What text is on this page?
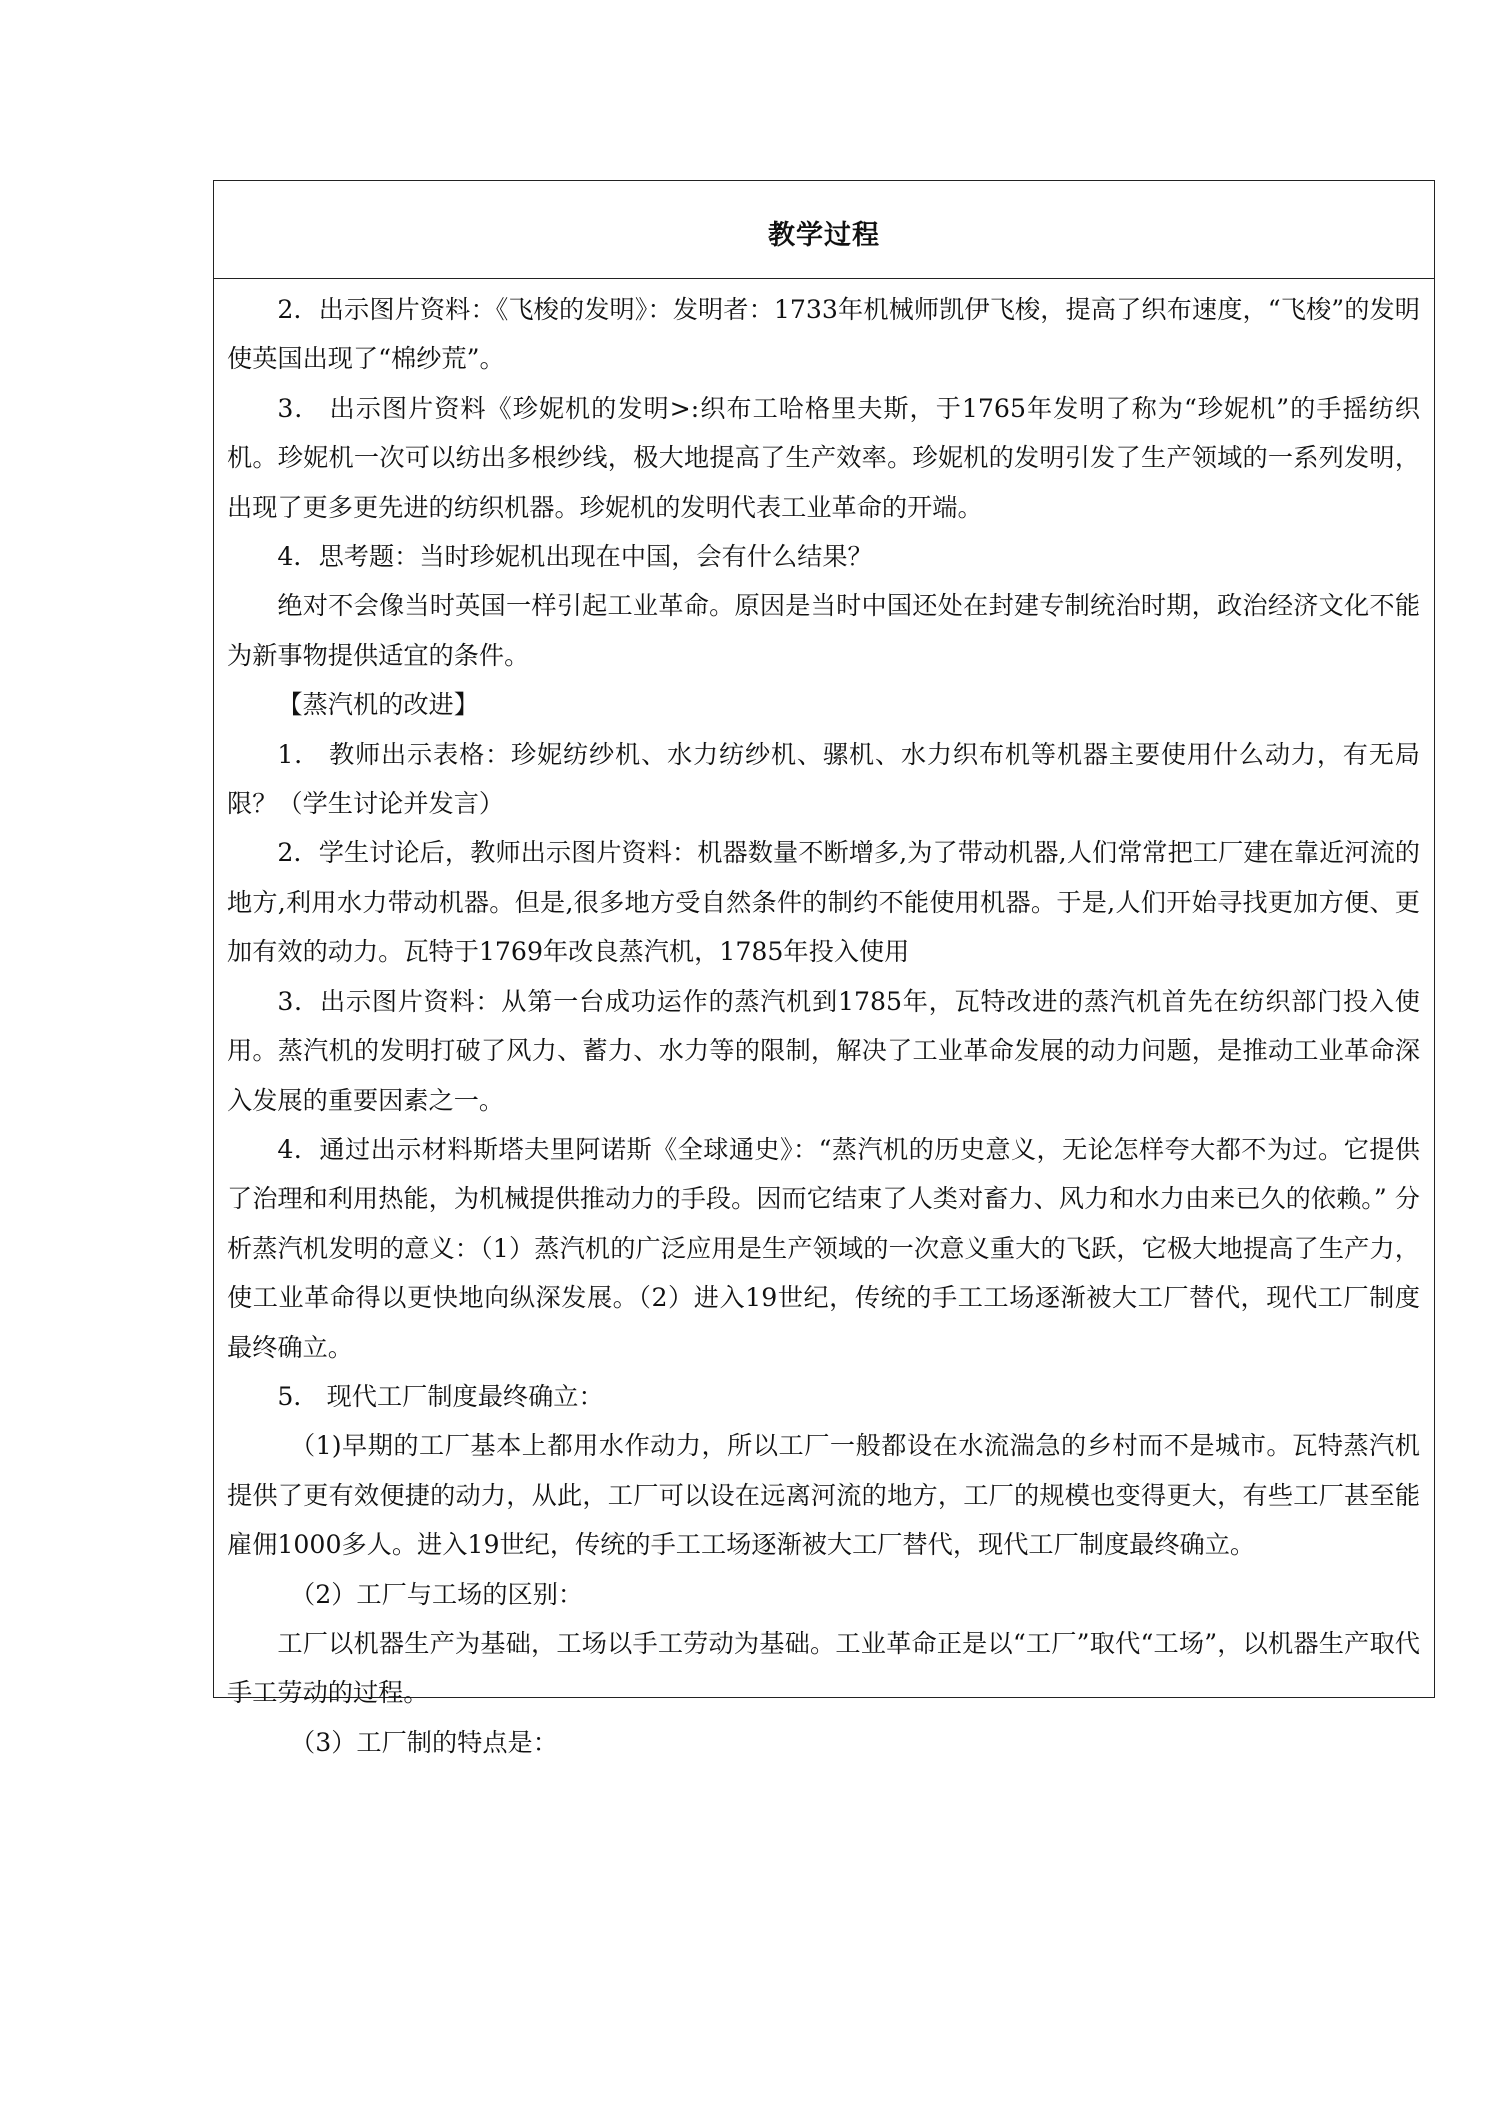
教学过程

2．出示图片资料：《飞梭的发明》：发明者：1733年机械师凯伊飞梭，提高了织布速度，“飞梭”的发明使英国出现了“棉纱荒”。

3． 出示图片资料《珍妮机的发明>:织布工哈格里夫斯，于1765年发明了称为“珍妮机”的手摇纺织机。珍妮机一次可以纺出多根纱线，极大地提高了生产效率。珍妮机的发明引发了生产领域的一系列发明，出现了更多更先进的纺织机器。珍妮机的发明代表工业革命的开端。

4．思考题：当时珍妮机出现在中国，会有什么结果？

绝对不会像当时英国一样引起工业革命。原因是当时中国还处在封建专制统治时期，政治经济文化不能为新事物提供适宜的条件。

【蒸汽机的改进】

1． 教师出示表格：珍妮纺纱机、水力纺纱机、骡机、水力织布机等机器主要使用什么动力，有无局限？（学生讨论并发言）

2．学生讨论后，教师出示图片资料：机器数量不断增多,为了带动机器,人们常常把工厂建在靠近河流的地方,利用水力带动机器。但是,很多地方受自然条件的制约不能使用机器。于是,人们开始寻找更加方便、更加有效的动力。瓦特于1769年改良蒸汽机，1785年投入使用

3．出示图片资料：从第一台成功运作的蒸汽机到1785年，瓦特改进的蒸汽机首先在纺织部门投入使用。蒸汽机的发明打破了风力、蓄力、水力等的限制，解决了工业革命发展的动力问题，是推动工业革命深入发展的重要因素之一。

4．通过出示材料斯塔夫里阿诺斯《全球通史》：“蒸汽机的历史意义，无论怎样夸大都不为过。它提供了治理和利用热能，为机械提供推动力的手段。因而它结束了人类对畜力、风力和水力由来已久的依赖。” 分析蒸汽机发明的意义：（1）蒸汽机的广泛应用是生产领域的一次意义重大的飞跃，它极大地提高了生产力，使工业革命得以更快地向纵深发展。（2）进入19世纪，传统的手工工场逐渐被大工厂替代，现代工厂制度最终确立。

5． 现代工厂制度最终确立：

（1)早期的工厂基本上都用水作动力，所以工厂一般都设在水流湍急的乡村而不是城市。瓦特蒸汽机提供了更有效便捷的动力，从此，工厂可以设在远离河流的地方，工厂的规模也变得更大，有些工厂甚至能雇佣1000多人。进入19世纪，传统的手工工场逐渐被大工厂替代，现代工厂制度最终确立。

（2）工厂与工场的区别：

工厂以机器生产为基础，工场以手工劳动为基础。工业革命正是以“工厂”取代“工场”，以机器生产取代手工劳动的过程。

（3）工厂制的特点是：
